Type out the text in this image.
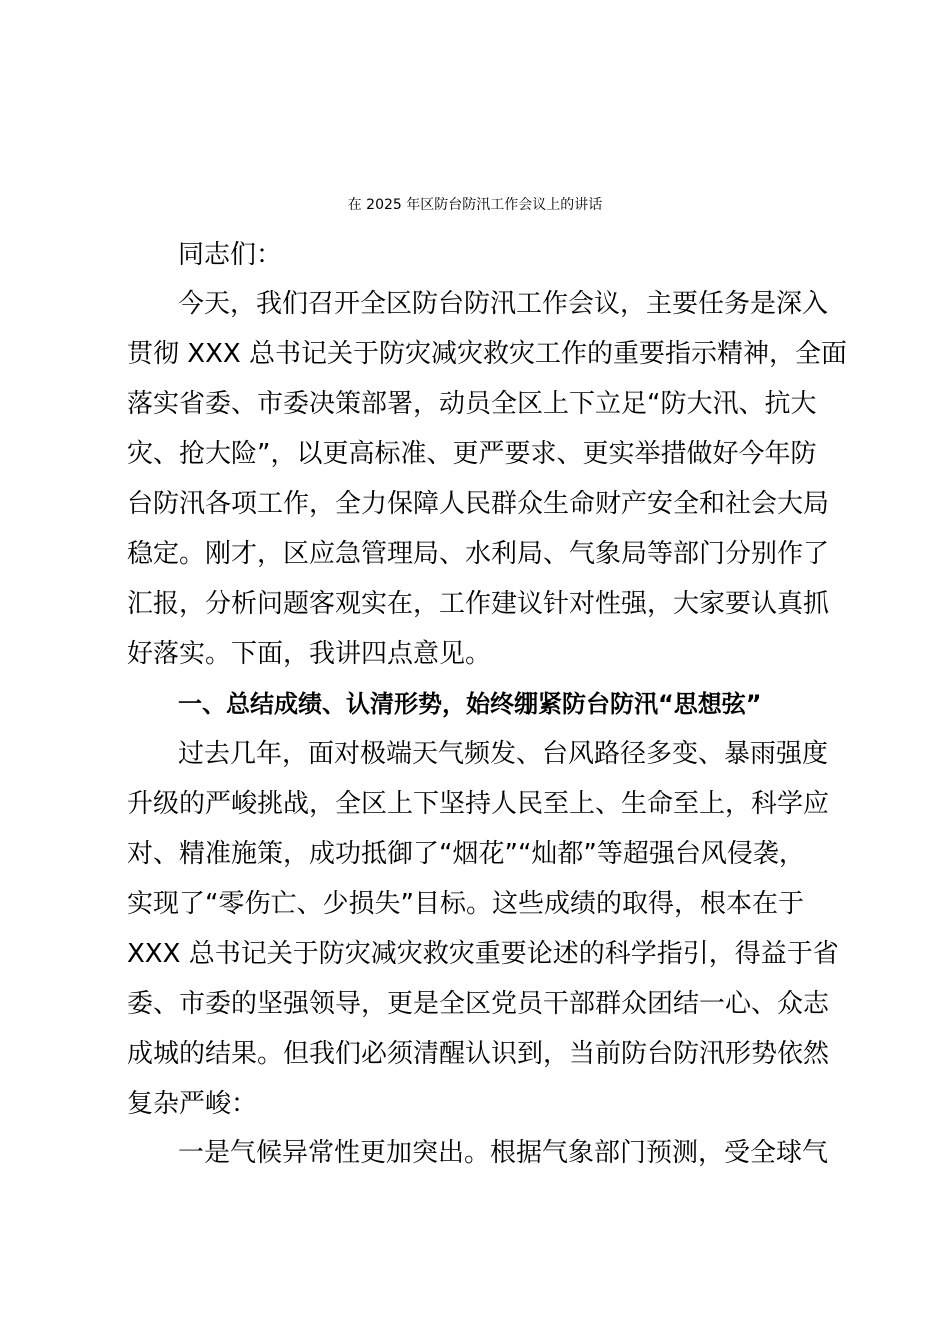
在 2025 年区防台防汛工作会议上的讲话
同志们：
今天，我们召开全区防台防汛工作会议，主要任务是深入
贯彻 XXX 总书记关于防灾减灾救灾工作的重要指示精神，全面
落实省委、市委决策部署，动员全区上下立足“防大汛、抗大
灾、抢大险”，以更高标准、更严要求、更实举措做好今年防
台防汛各项工作，全力保障人民群众生命财产安全和社会大局
稳定。刚才，区应急管理局、水利局、气象局等部门分别作了
汇报，分析问题客观实在，工作建议针对性强，大家要认真抓
好落实。下面，我讲四点意见。
一、总结成绩、认清形势，始终绷紧防台防汛“思想弦”
过去几年，面对极端天气频发、台风路径多变、暴雨强度
升级的严峻挑战，全区上下坚持人民至上、生命至上，科学应
对、精准施策，成功抵御了“烟花”“灿都”等超强台风侵袭，
实现了“零伤亡、少损失”目标。这些成绩的取得，根本在于
XXX 总书记关于防灾减灾救灾重要论述的科学指引，得益于省
委、市委的坚强领导，更是全区党员干部群众团结一心、众志
成城的结果。但我们必须清醒认识到，当前防台防汛形势依然
复杂严峻：
一是气候异常性更加突出。根据气象部门预测，受全球气
